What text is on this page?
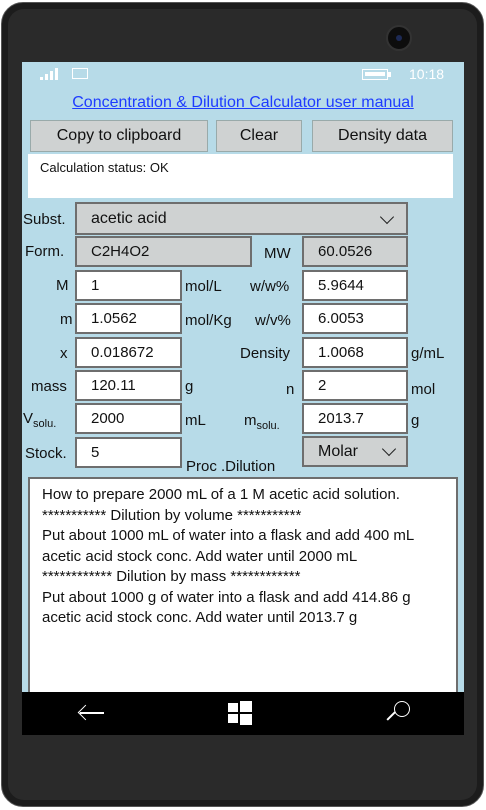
10:18
Concentration & Dilution Calculator user manual
Copy to clipboard	Clear	Density data
Calculation status: OK
Subst. acetic acid
Form.	C2H4O2	MW	60.0526
M	1	mol/L w/w%	5.9644
m	1.0562	mol/Kg w/v%	6.0053
x	0.018672	Density	1.0068	g/mL
mass	120.11	g	n	2	mol
$V_{solu.}$	2000	mL	$m_{solu.}$	2013.7	g
Stock.	5
Proc .Dilution
Molar

How to prepare 2000 mL of a 1 M acetic acid solution.

*********** Dilution by volume ***********

Put about 1000 mL of water into a flask and add 400 mL acetic acid stock conc. Add water until 2000 mL

************ Dilution by mass ************

Put about 1000 g of water into a flask and add 414.86 g acetic acid stock conc. Add water until 2013.7 g
